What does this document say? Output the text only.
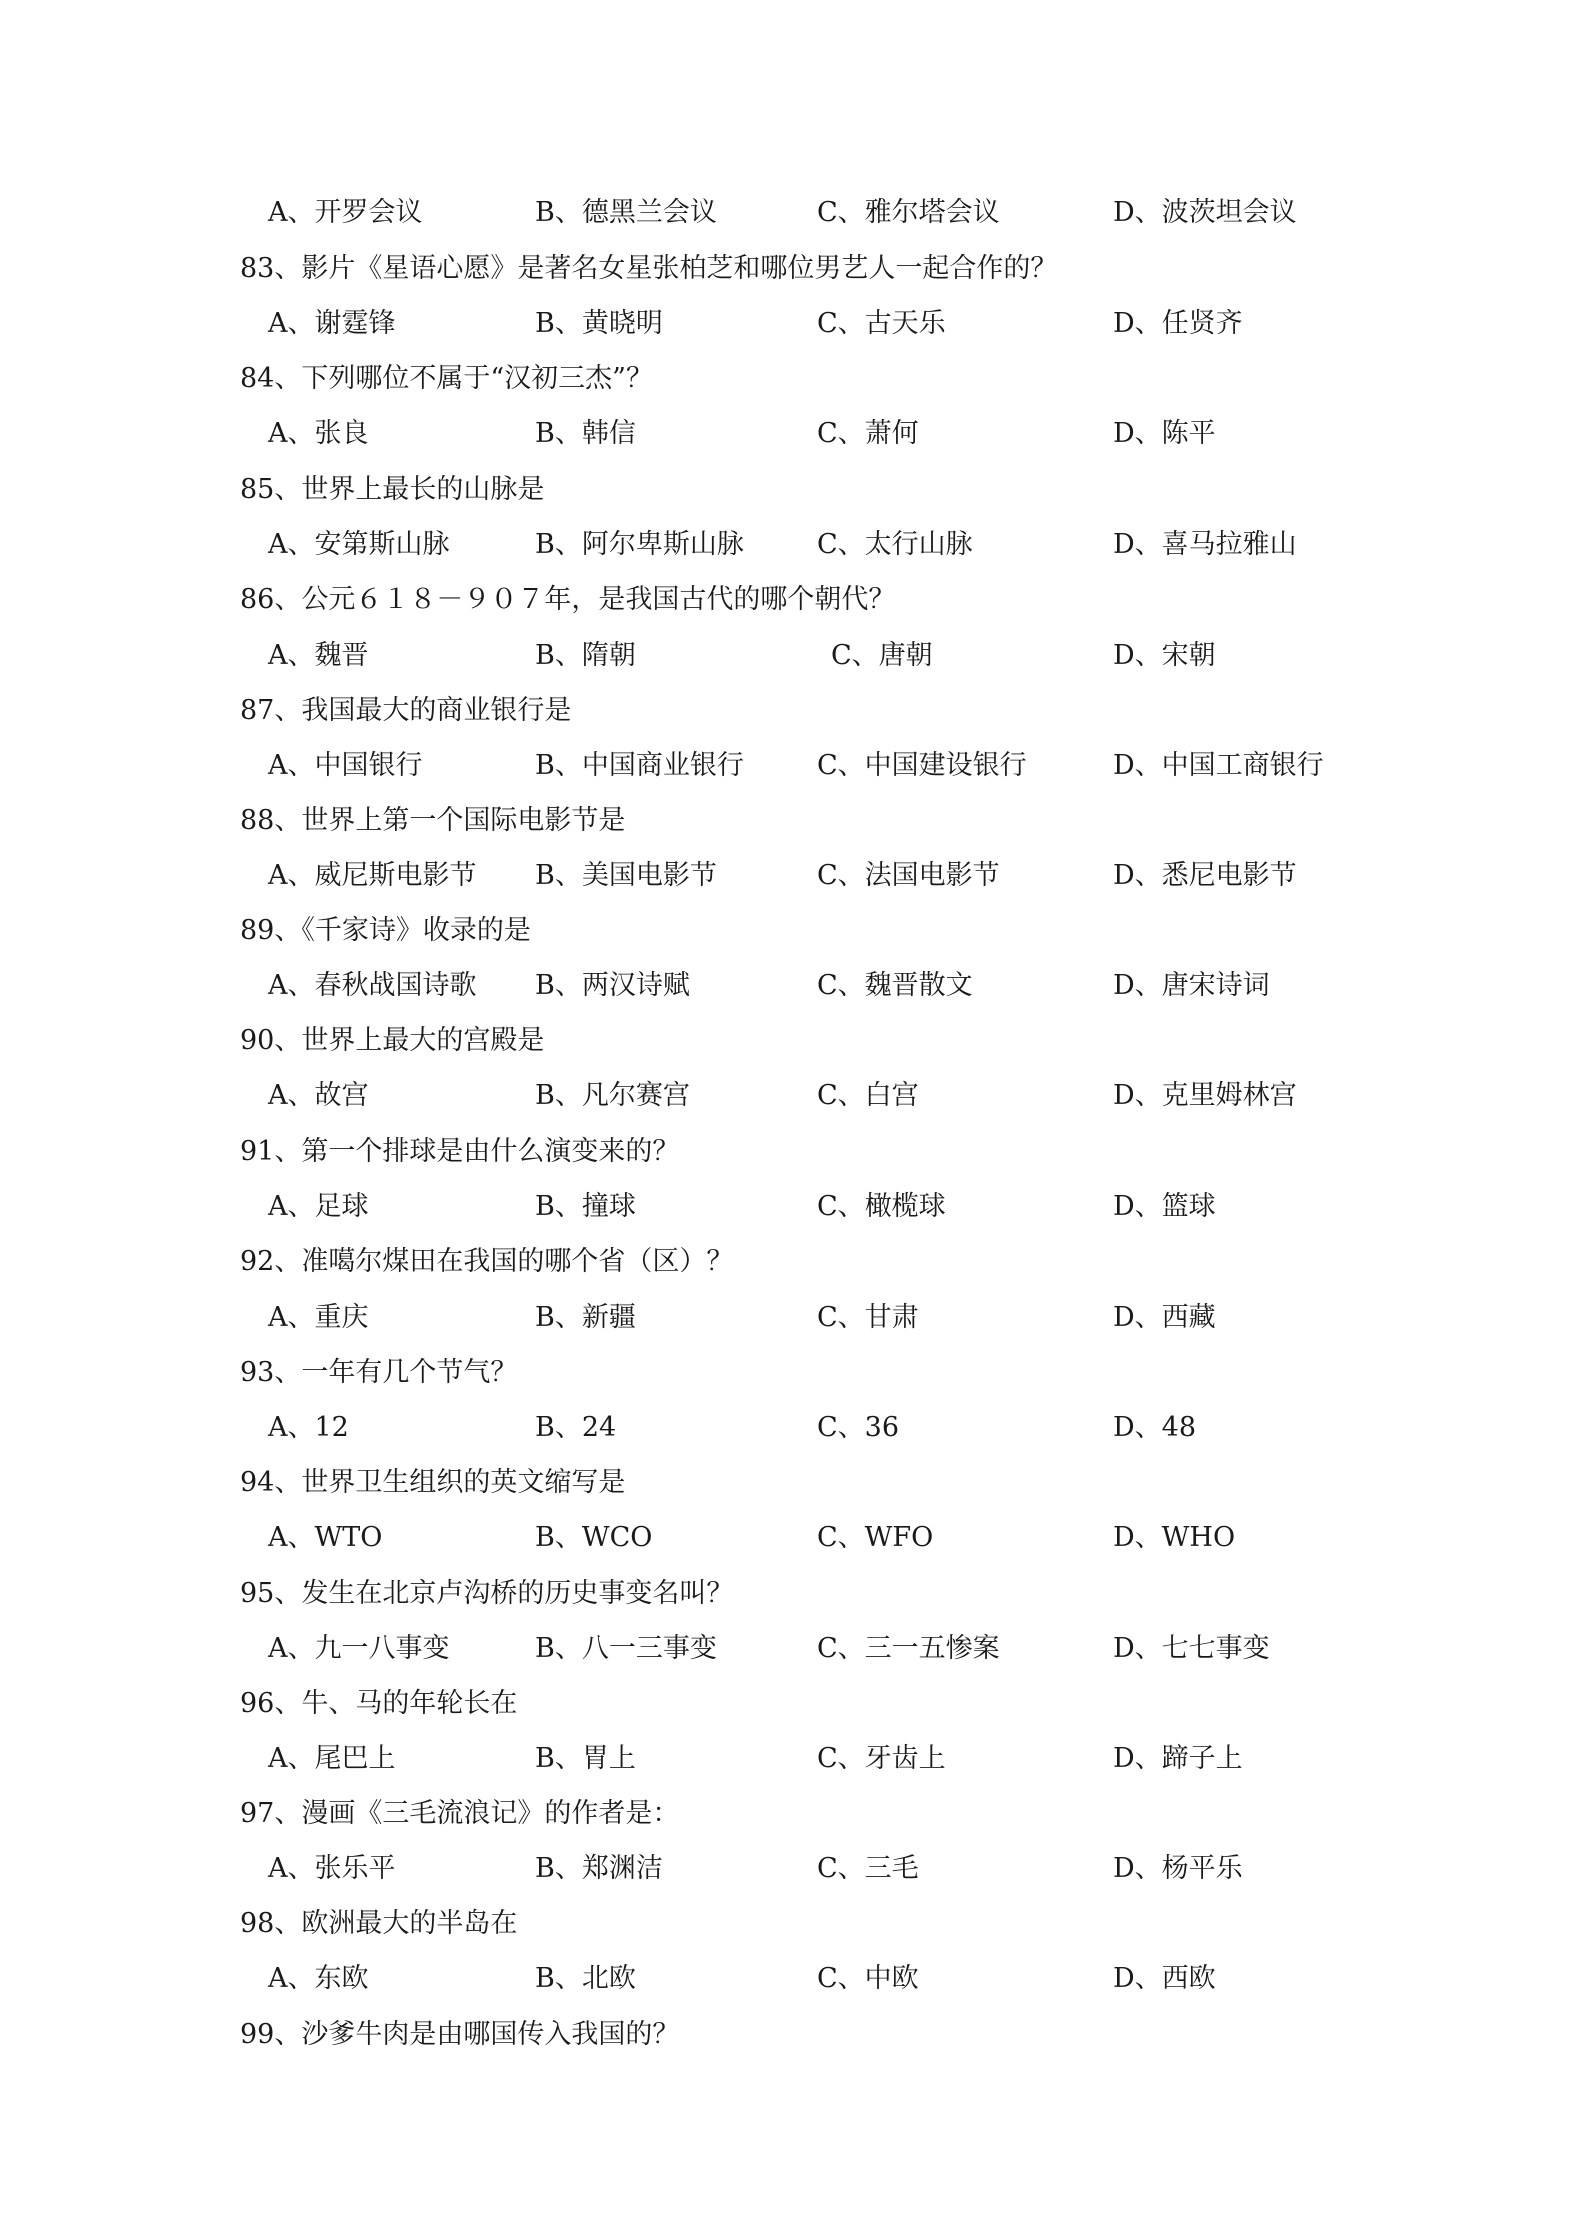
A、开罗会议	B、德黑兰会议	C、雅尔塔会议	D、波茨坦会议
83、影片《星语心愿》是著名女星张柏芝和哪位男艺人一起合作的？
A、谢霆锋	B、黄晓明	C、古天乐	D、任贤齐
84、下列哪位不属于“汉初三杰”？
A、张良	B、韩信	C、萧何	D、陈平
85、世界上最长的山脉是
A、安第斯山脉	B、阿尔卑斯山脉	C、太行山脉	D、喜马拉雅山
86、公元６１８－９０７年，是我国古代的哪个朝代？
A、魏晋	B、隋朝	C、唐朝	D、宋朝
87、我国最大的商业银行是
A、中国银行	B、中国商业银行	C、中国建设银行	D、中国工商银行
88、世界上第一个国际电影节是
A、威尼斯电影节 B、美国电影节	C、法国电影节	D、悉尼电影节
89、《千家诗》收录的是
A、春秋战国诗歌 B、两汉诗赋	C、魏晋散文	D、唐宋诗词
90、世界上最大的宫殿是
A、故宫	B、凡尔赛宫	C、白宫	D、克里姆林宫
91、第一个排球是由什么演变来的？
A、足球	B、撞球	C、橄榄球	D、篮球
92、准噶尔煤田在我国的哪个省（区）？
A、重庆	B、新疆	C、甘肃	D、西藏
93、一年有几个节气？
A、12	B、24	C、36	D、48
94、世界卫生组织的英文缩写是
A、WTO	B、WCO	C、WFO	D、WHO
95、发生在北京卢沟桥的历史事变名叫？
A、九一八事变	B、八一三事变	C、三一五惨案	D、七七事变
96、牛、马的年轮长在
A、尾巴上	B、胃上	C、牙齿上	D、蹄子上
97、漫画《三毛流浪记》的作者是：
A、张乐平	B、郑渊洁	C、三毛	D、杨平乐
98、欧洲最大的半岛在
A、东欧	B、北欧	C、中欧	D、西欧
99、沙爹牛肉是由哪国传入我国的？
